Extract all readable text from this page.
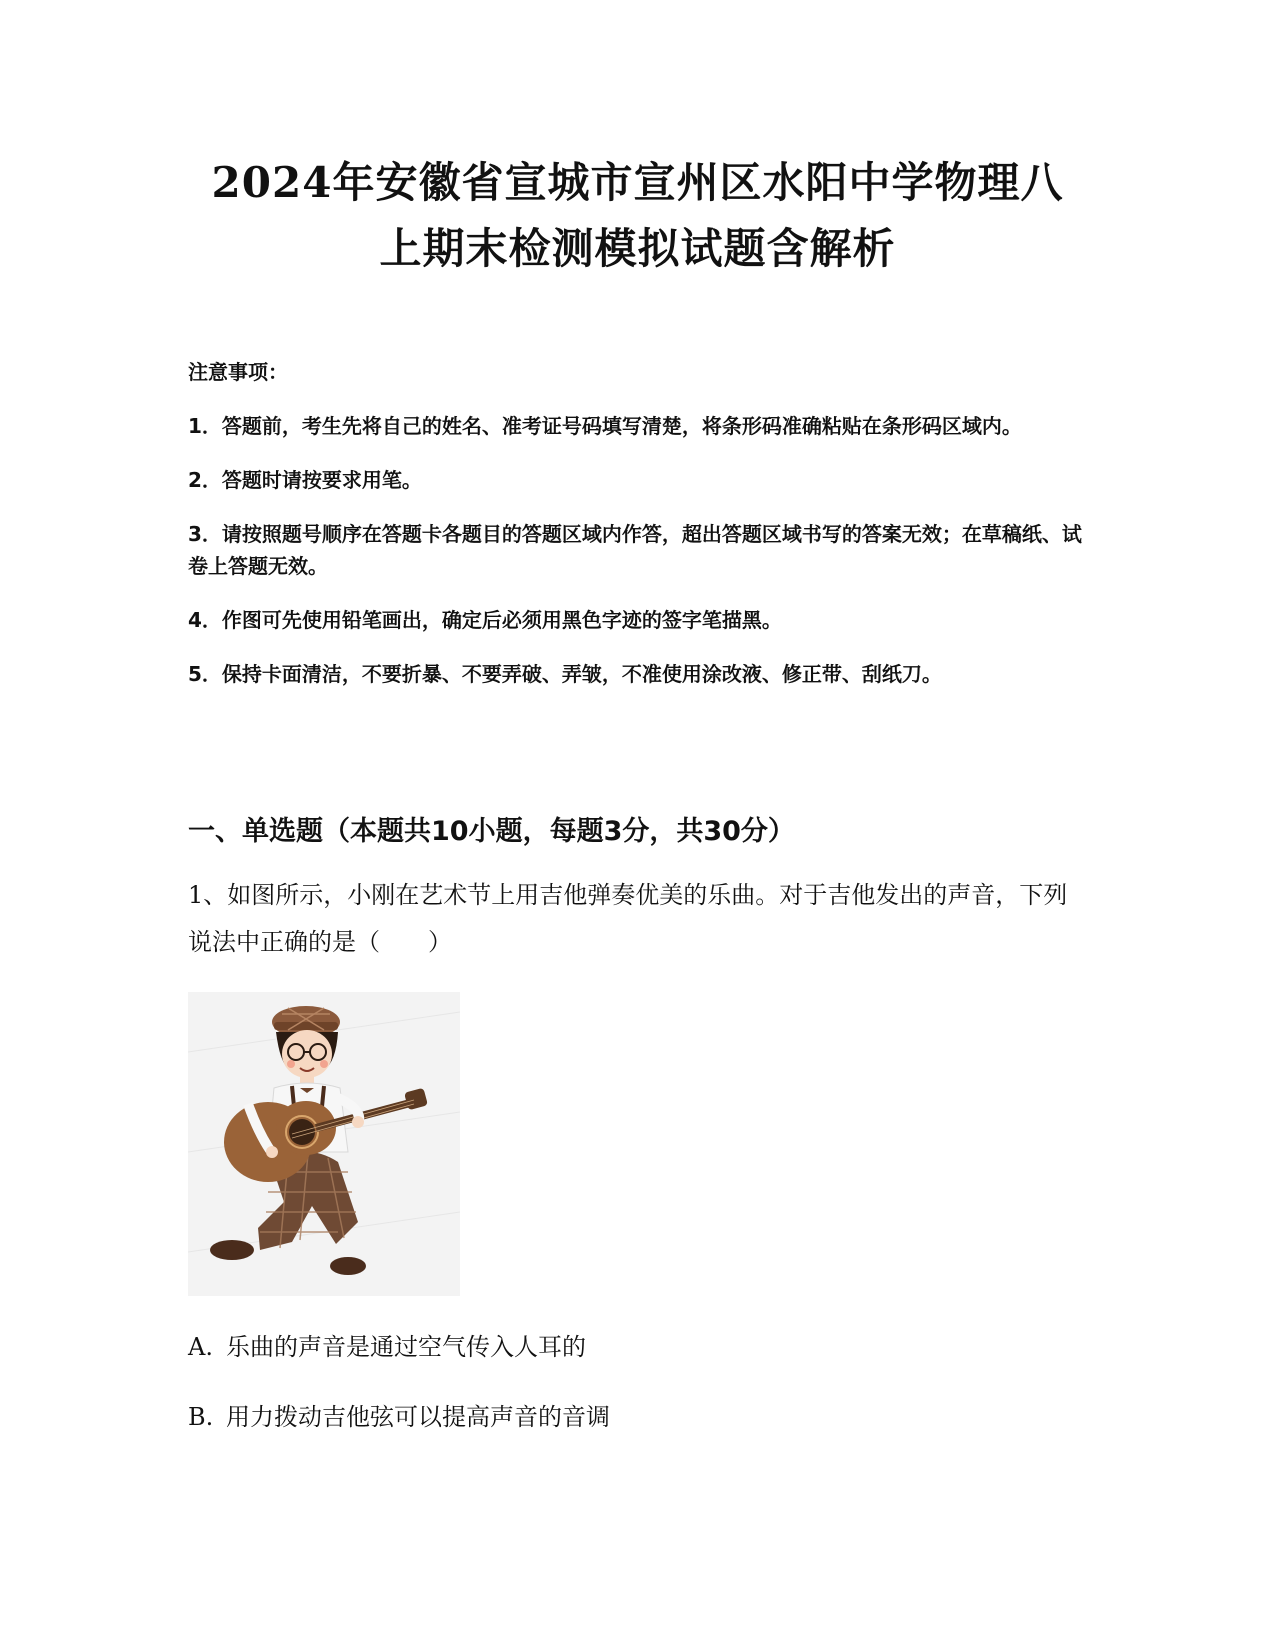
2024年安徽省宣城市宣州区水阳中学物理八
上期末检测模拟试题含解析
注意事项：
1．答题前，考生先将自己的姓名、准考证号码填写清楚，将条形码准确粘贴在条形码区域内。
2．答题时请按要求用笔。
3．请按照题号顺序在答题卡各题目的答题区域内作答，超出答题区域书写的答案无效；在草稿纸、试卷上答题无效。
4．作图可先使用铅笔画出，确定后必须用黑色字迹的签字笔描黑。
5．保持卡面清洁，不要折暴、不要弄破、弄皱，不准使用涂改液、修正带、刮纸刀。
一、单选题（本题共10小题，每题3分，共30分）
1、如图所示，小刚在艺术节上用吉他弹奏优美的乐曲。对于吉他发出的声音，下列说法中正确的是（　　）
A. 乐曲的声音是通过空气传入人耳的
B. 用力拨动吉他弦可以提高声音的音调
